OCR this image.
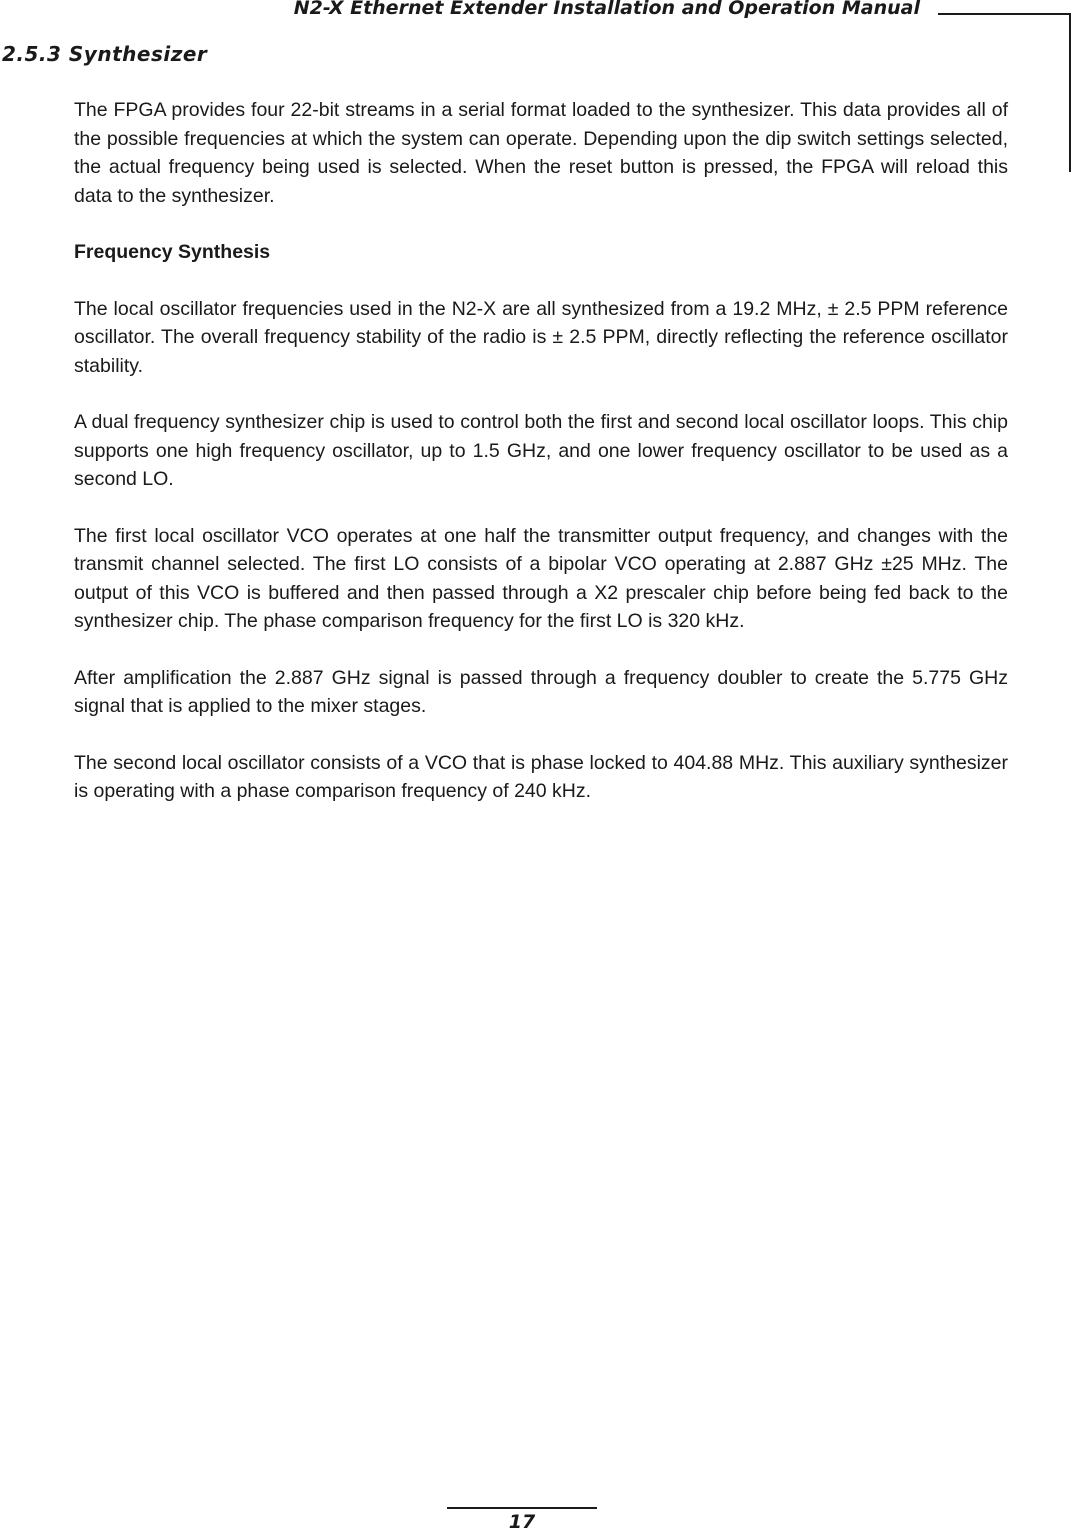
N2-X Ethernet Extender Installation and Operation Manual
2.5.3 Synthesizer

The FPGA provides four 22-bit streams in a serial format loaded to the synthesizer. This data provides all of the possible frequencies at which the system can operate. Depending upon the dip switch settings selected, the actual frequency being used is selected. When the reset button is pressed, the FPGA will reload this data to the synthesizer.

Frequency Synthesis

The local oscillator frequencies used in the N2-X are all synthesized from a 19.2 MHz, ± 2.5 PPM reference oscillator. The overall frequency stability of the radio is ± 2.5 PPM, directly reflecting the reference oscillator stability.

A dual frequency synthesizer chip is used to control both the first and second local oscillator loops. This chip supports one high frequency oscillator, up to 1.5 GHz, and one lower frequency oscillator to be used as a second LO.

The first local oscillator VCO operates at one half the transmitter output frequency, and changes with the transmit channel selected. The first LO consists of a bipolar VCO operating at 2.887 GHz ±25 MHz. The output of this VCO is buffered and then passed through a X2 prescaler chip before being fed back to the synthesizer chip. The phase comparison frequency for the first LO is 320 kHz.

After amplification the 2.887 GHz signal is passed through a frequency doubler to create the 5.775 GHz signal that is applied to the mixer stages.

The second local oscillator consists of a VCO that is phase locked to 404.88 MHz. This auxiliary synthesizer is operating with a phase comparison frequency of 240 kHz.

17
